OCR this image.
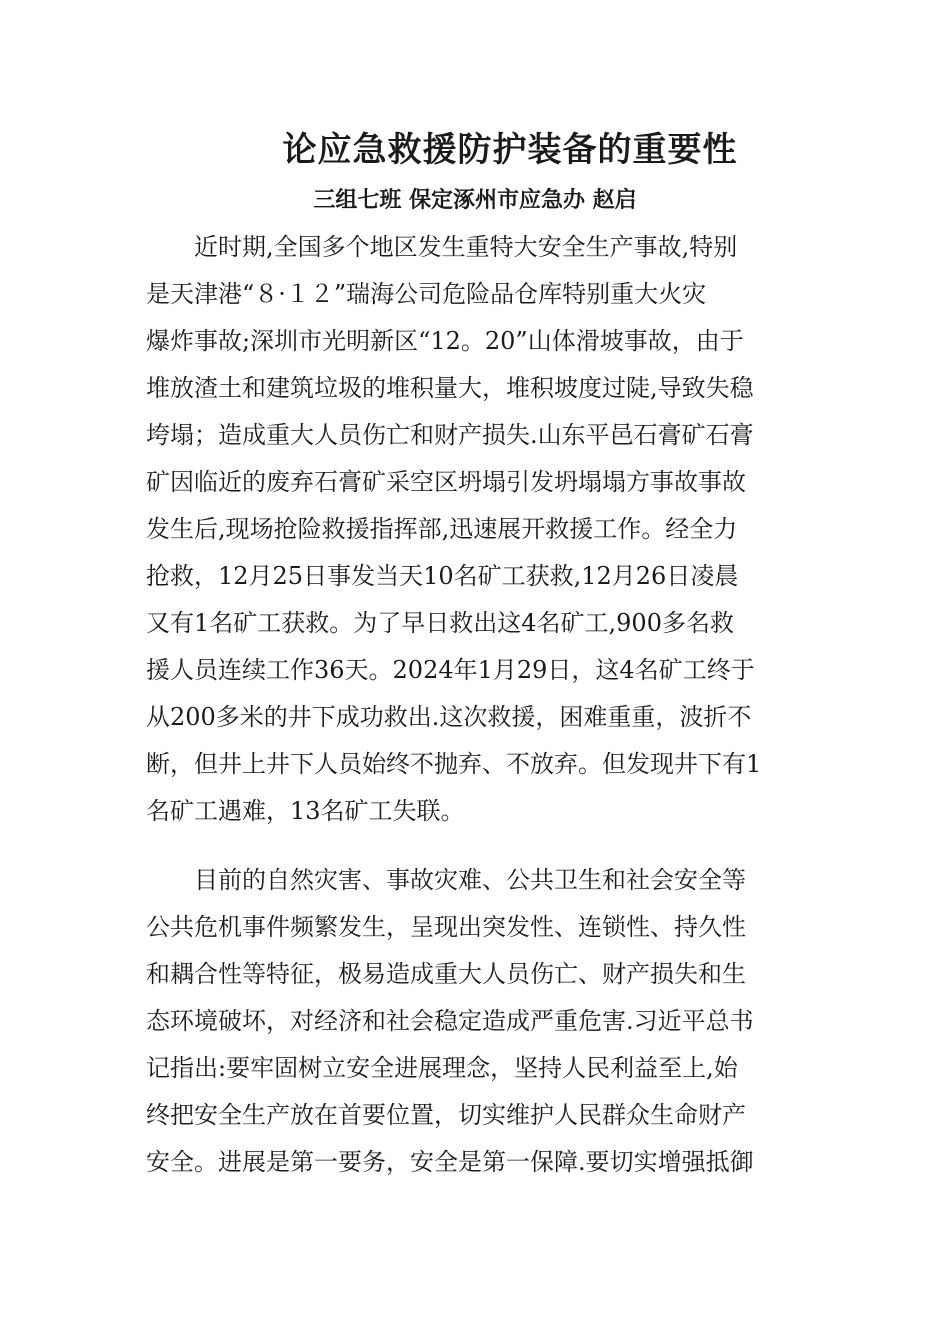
论应急救援防护装备的重要性
三组七班 保定涿州市应急办 赵启
　　近时期,全国多个地区发生重特大安全生产事故,特别
是天津港“８·１２”瑞海公司危险品仓库特别重大火灾
爆炸事故;深圳市光明新区“12。20”山体滑坡事故，由于
堆放渣土和建筑垃圾的堆积量大，堆积坡度过陡,导致失稳
垮塌；造成重大人员伤亡和财产损失.山东平邑石膏矿石膏
矿因临近的废弃石膏矿采空区坍塌引发坍塌塌方事故事故
发生后,现场抢险救援指挥部,迅速展开救援工作。经全力
抢救，12月25日事发当天10名矿工获救,12月26日凌晨
又有1名矿工获救。为了早日救出这4名矿工,900多名救
援人员连续工作36天。2024年1月29日，这4名矿工终于
从200多米的井下成功救出.这次救援，困难重重，波折不
断，但井上井下人员始终不抛弃、不放弃。但发现井下有1
名矿工遇难，13名矿工失联。
　　目前的自然灾害、事故灾难、公共卫生和社会安全等
公共危机事件频繁发生，呈现出突发性、连锁性、持久性
和耦合性等特征，极易造成重大人员伤亡、财产损失和生
态环境破坏，对经济和社会稳定造成严重危害.习近平总书
记指出:要牢固树立安全进展理念，坚持人民利益至上,始
终把安全生产放在首要位置，切实维护人民群众生命财产
安全。进展是第一要务，安全是第一保障.要切实增强抵御
